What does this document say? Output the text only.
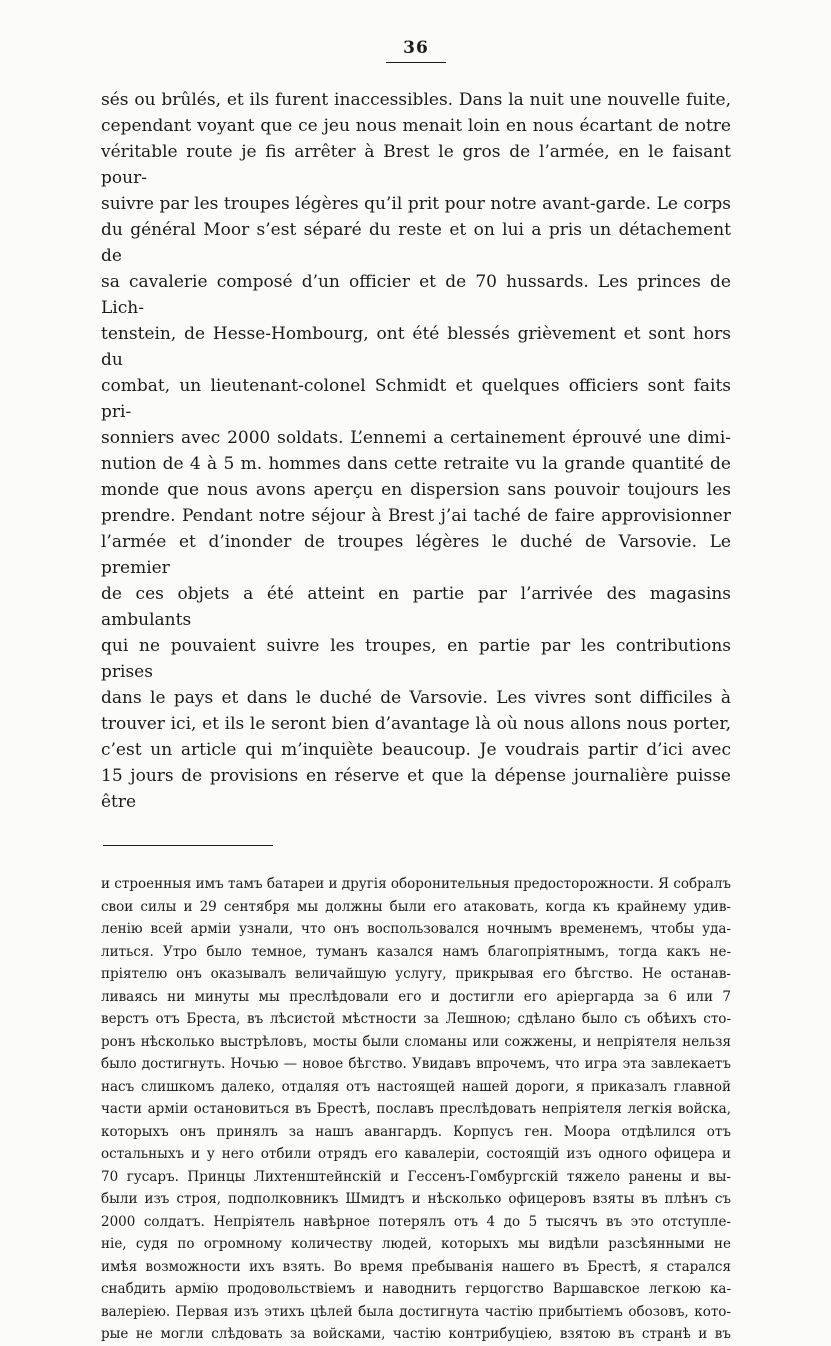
36
sés ou brûlés, et ils furent inaccessibles. Dans la nuit une nouvelle fuite,
cependant voyant que ce jeu nous menait loin en nous écartant de notre
véritable route je fis arrêter à Brest le gros de l’armée, en le faisant pour-
suivre par les troupes légères qu’il prit pour notre avant-garde. Le corps
du général Moor s’est séparé du reste et on lui a pris un détachement de
sa cavalerie composé d’un officier et de 70 hussards. Les princes de Lich-
tenstein, de Hesse-Hombourg, ont été blessés grièvement et sont hors du
combat, un lieutenant-colonel Schmidt et quelques officiers sont faits pri-
sonniers avec 2000 soldats. L’ennemi a certainement éprouvé une dimi-
nution de 4 à 5 m. hommes dans cette retraite vu la grande quantité de
monde que nous avons aperçu en dispersion sans pouvoir toujours les
prendre. Pendant notre séjour à Brest j’ai taché de faire approvisionner
l’armée et d’inonder de troupes légères le duché de Varsovie. Le premier
de ces objets a été atteint en partie par l’arrivée des magasins ambulants
qui ne pouvaient suivre les troupes, en partie par les contributions prises
dans le pays et dans le duché de Varsovie. Les vivres sont difficiles à
trouver ici, et ils le seront bien d’avantage là où nous allons nous porter,
c’est un article qui m’inquiète beaucoup. Je voudrais partir d’ici avec
15 jours de provisions en réserve et que la dépense journalière puisse être
и строенныя имъ тамъ батареи и другія оборонительныя предосторожности. Я собралъ
свои силы и 29 сентября мы должны были его атаковать, когда къ крайнему удив-
ленію всей арміи узнали, что онъ воспользовался ночнымъ временемъ, чтобы уда-
литься. Утро было темное, туманъ казался намъ благопріятнымъ, тогда какъ не-
пріятелю онъ оказывалъ величайшую услугу, прикрывая его бѣгство. Не останав-
ливаясь ни минуты мы преслѣдовали его и достигли его аріергарда за 6 или 7
верстъ отъ Бреста, въ лѣсистой мѣстности за Лешною; сдѣлано было съ обѣихъ сто-
ронъ нѣсколько выстрѣловъ, мосты были сломаны или сожжены, и непріятеля нельзя
было достигнуть. Ночью — новое бѣгство. Увидавъ впрочемъ, что игра эта завлекаетъ
насъ слишкомъ далеко, отдаляя отъ настоящей нашей дороги, я приказалъ главной
части арміи остановиться въ Брестѣ, пославъ преслѣдовать непріятеля легкія войска,
которыхъ онъ принялъ за нашъ авангардъ. Корпусъ ген. Моора отдѣлился отъ
остальныхъ и у него отбили отрядъ его кавалеріи, состоящій изъ одного офицера и
70 гусаръ. Принцы Лихтенштейнскій и Гессенъ-Гомбургскій тяжело ранены и вы-
были изъ строя, подполковникъ Шмидтъ и нѣсколько офицеровъ взяты въ плѣнъ съ
2000 солдатъ. Непріятель навѣрное потерялъ отъ 4 до 5 тысячъ въ это отступле-
ніе, судя по огромному количеству людей, которыхъ мы видѣли разсѣянными не
имѣя возможности ихъ взять. Во время пребыванія нашего въ Брестѣ, я старался
снабдить армію продовольствіемъ и наводнить герцогство Варшавское легкою ка-
валеріею. Первая изъ этихъ цѣлей была достигнута частію прибытіемъ обозовъ, кото-
рые не могли слѣдовать за войсками, частію контрибуціею, взятою въ странѣ и въ
